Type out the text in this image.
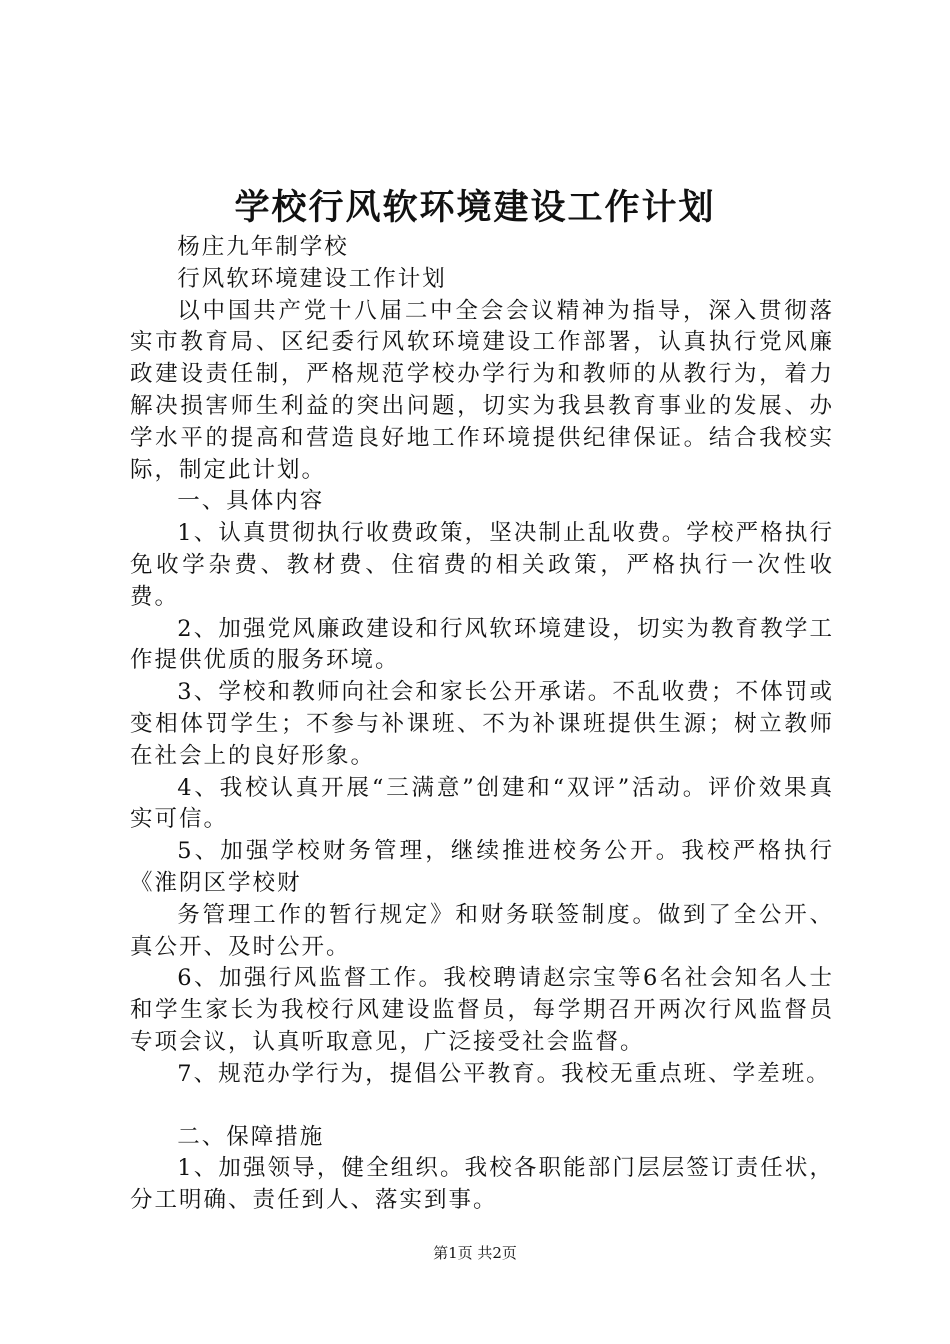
学校行风软环境建设工作计划

杨庄九年制学校

行风软环境建设工作计划

以中国共产党十八届二中全会会议精神为指导，深入贯彻落实市教育局、区纪委行风软环境建设工作部署，认真执行党风廉政建设责任制，严格规范学校办学行为和教师的从教行为，着力解决损害师生利益的突出问题，切实为我县教育事业的发展、办学水平的提高和营造良好地工作环境提供纪律保证。结合我校实际，制定此计划。

一、具体内容

1、认真贯彻执行收费政策，坚决制止乱收费。学校严格执行免收学杂费、教材费、住宿费的相关政策，严格执行一次性收费。

2、加强党风廉政建设和行风软环境建设，切实为教育教学工作提供优质的服务环境。

3、学校和教师向社会和家长公开承诺。不乱收费；不体罚或变相体罚学生；不参与补课班、不为补课班提供生源；树立教师在社会上的良好形象。

4、我校认真开展“三满意”创建和“双评”活动。评价效果真实可信。

5、加强学校财务管理，继续推进校务公开。我校严格执行《淮阴区学校财

务管理工作的暂行规定》和财务联签制度。做到了全公开、真公开、及时公开。

6、加强行风监督工作。我校聘请赵宗宝等6名社会知名人士和学生家长为我校行风建设监督员，每学期召开两次行风监督员专项会议，认真听取意见，广泛接受社会监督。

7、规范办学行为，提倡公平教育。我校无重点班、学差班。

二、保障措施

1、加强领导，健全组织。我校各职能部门层层签订责任状，分工明确、责任到人、落实到事。

第1页 共2页
